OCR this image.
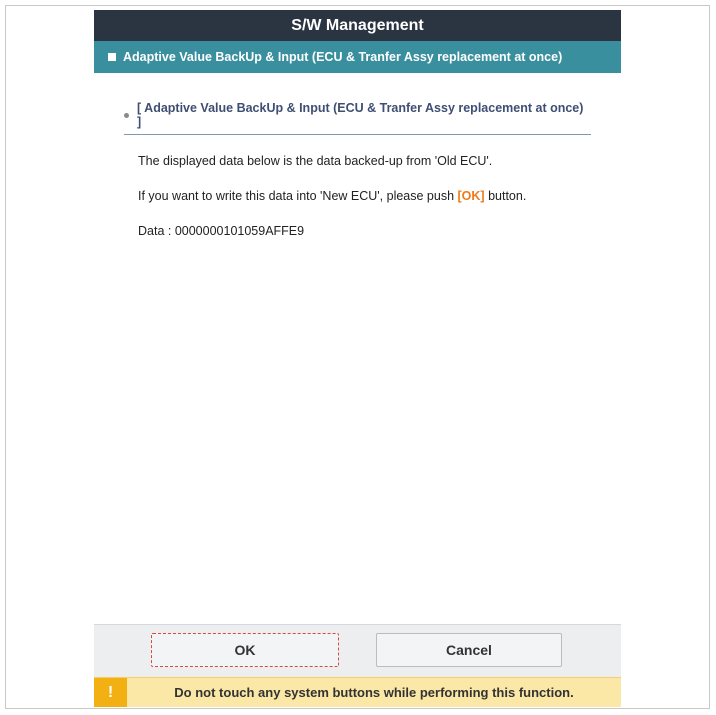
S/W Management
Adaptive Value BackUp & Input (ECU & Tranfer Assy replacement at once)
[ Adaptive Value BackUp & Input (ECU & Tranfer Assy replacement at once) ]
The displayed data below is the data backed-up from 'Old ECU'.
If you want to write this data into 'New ECU', please push [OK] button.
Data : 0000000101059AFFE9
OK	Cancel
!	Do not touch any system buttons while performing this function.
